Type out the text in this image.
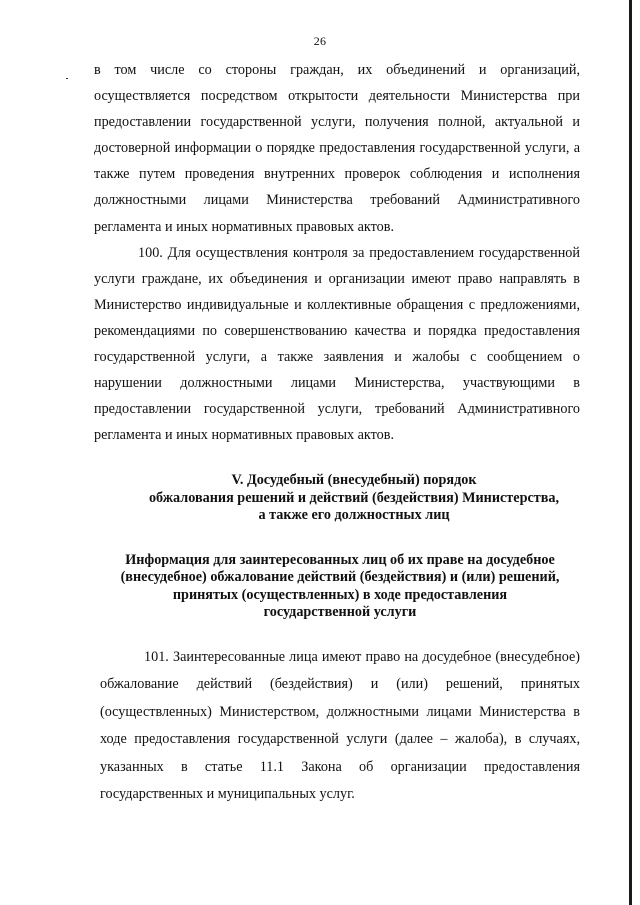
26

в том числе со стороны граждан, их объединений и организаций, осуществляется посредством открытости деятельности Министерства при предоставлении государственной услуги, получения полной, актуальной и достоверной информации о порядке предоставления государственной услуги, а также путем проведения внутренних проверок соблюдения и исполнения должностными лицами Министерства требований Административного регламента и иных нормативных правовых актов.

100. Для осуществления контроля за предоставлением государственной услуги граждане, их объединения и организации имеют право направлять в Министерство индивидуальные и коллективные обращения с предложениями, рекомендациями по совершенствованию качества и порядка предоставления государственной услуги, а также заявления и жалобы с сообщением о нарушении должностными лицами Министерства, участвующими в предоставлении государственной услуги, требований Административного регламента и иных нормативных правовых актов.

V. Досудебный (внесудебный) порядок
обжалования решений и действий (бездействия) Министерства,
а также его должностных лиц
Информация для заинтересованных лиц об их праве на досудебное
(внесудебное) обжалование действий (бездействия) и (или) решений,
принятых (осуществленных) в ходе предоставления
государственной услуги

101. Заинтересованные лица имеют право на досудебное (внесудебное) обжалование действий (бездействия) и (или) решений, принятых (осуществленных) Министерством, должностными лицами Министерства в ходе предоставления государственной услуги (далее – жалоба), в случаях, указанных в статье 11.1 Закона об организации предоставления государственных и муниципальных услуг.
